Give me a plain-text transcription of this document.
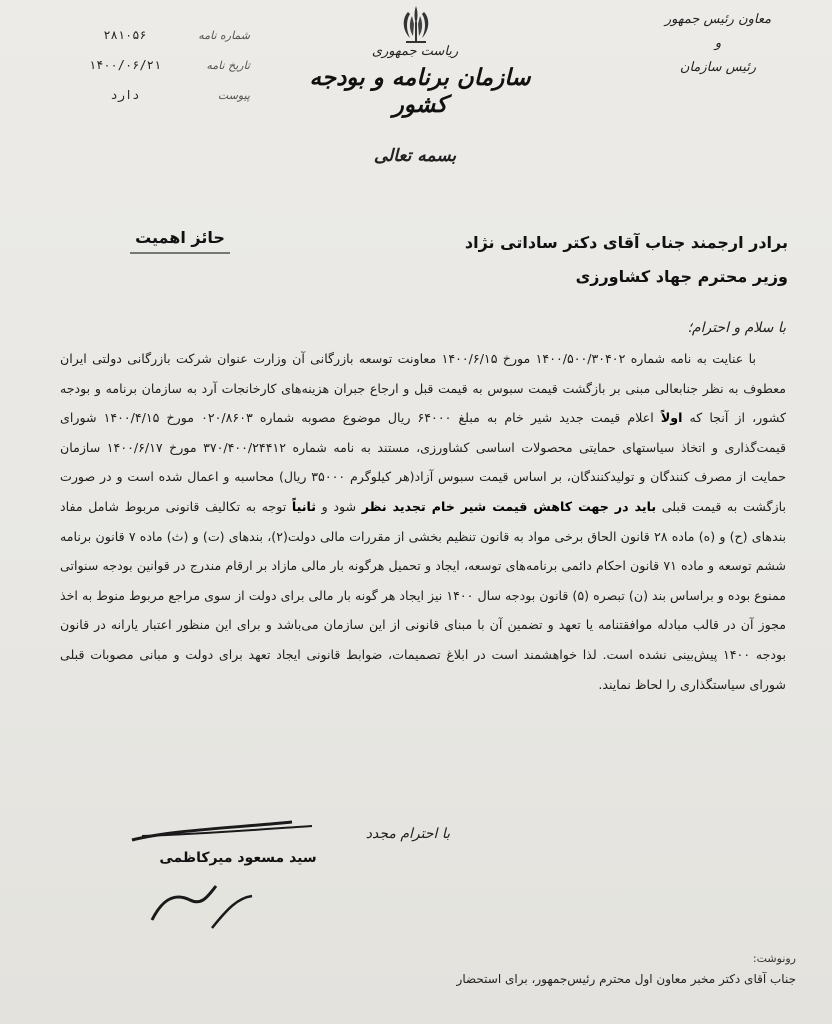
معاون رئیس جمهور
و
رئیس سازمان
ریاست جمهوری
سازمان برنامه و بودجه کشور
شماره نامه
۲۸۱۰۵۶
تاریخ نامه
۱۴۰۰/۰۶/۲۱
پیوست
دارد
بسمه تعالی
حائز اهمیت	برادر ارجمند جناب آقای دکتر ساداتی نژاد
وزیر محترم جهاد کشاورزی
با سلام و احترام؛

با عنایت به نامه شماره ۱۴۰۰/۵۰۰/۳۰۴۰۲ مورخ ۱۴۰۰/۶/۱۵ معاونت توسعه بازرگانی آن وزارت عنوان شرکت بازرگانی دولتی ایران معطوف به نظر جنابعالی مبنی بر بازگشت قیمت سبوس به قیمت قبل و ارجاع جبران هزینه‌های کارخانجات آرد به سازمان برنامه و بودجه کشور، از آنجا که اولاً اعلام قیمت جدید شیر خام به مبلغ ۶۴۰۰۰ ریال موضوع مصوبه شماره ۰۲۰/۸۶۰۳ مورخ ۱۴۰۰/۴/۱۵ شورای قیمت‌گذاری و اتخاذ سیاستهای حمایتی محصولات اساسی کشاورزی، مستند به نامه شماره ۳۷۰/۴۰۰/۲۴۴۱۲ مورخ ۱۴۰۰/۶/۱۷ سازمان حمایت از مصرف کنندگان و تولیدکنندگان، بر اساس قیمت سبوس آزاد(هر کیلوگرم ۳۵۰۰۰ ریال) محاسبه و اعمال شده است و در صورت بازگشت به قیمت قبلی باید در جهت کاهش قیمت شیر خام تجدید نظر شود و ثانیاً توجه به تکالیف قانونی مربوط شامل مفاد بندهای (ح) و (ه) ماده ۲۸ قانون الحاق برخی مواد به قانون تنظیم بخشی از مقررات مالی دولت(۲)، بندهای (ت) و (ث) ماده ۷ قانون برنامه ششم توسعه و ماده ۷۱ قانون احکام دائمی برنامه‌های توسعه، ایجاد و تحمیل هرگونه بار مالی مازاد بر ارقام مندرج در قوانین بودجه سنواتی ممنوع بوده و براساس بند (ن) تبصره (۵) قانون بودجه سال ۱۴۰۰ نیز ایجاد هر گونه بار مالی برای دولت از سوی مراجع مربوط منوط به اخذ مجوز آن در قالب مبادله موافقتنامه یا تعهد و تضمین آن با مبنای قانونی از این سازمان می‌باشد و برای این منظور اعتبار یارانه در قانون بودجه ۱۴۰۰ پیش‌بینی نشده است. لذا خواهشمند است در ابلاغ تصمیمات، ضوابط قانونی ایجاد تعهد برای دولت و مبانی مصوبات قبلی شورای سیاستگذاری را لحاظ نمایند.

با احترام مجدد
سید مسعود میرکاظمی
رونوشت:
جناب آقای دکتر مخبر معاون اول محترم رئیس‌جمهور، برای استحضار
